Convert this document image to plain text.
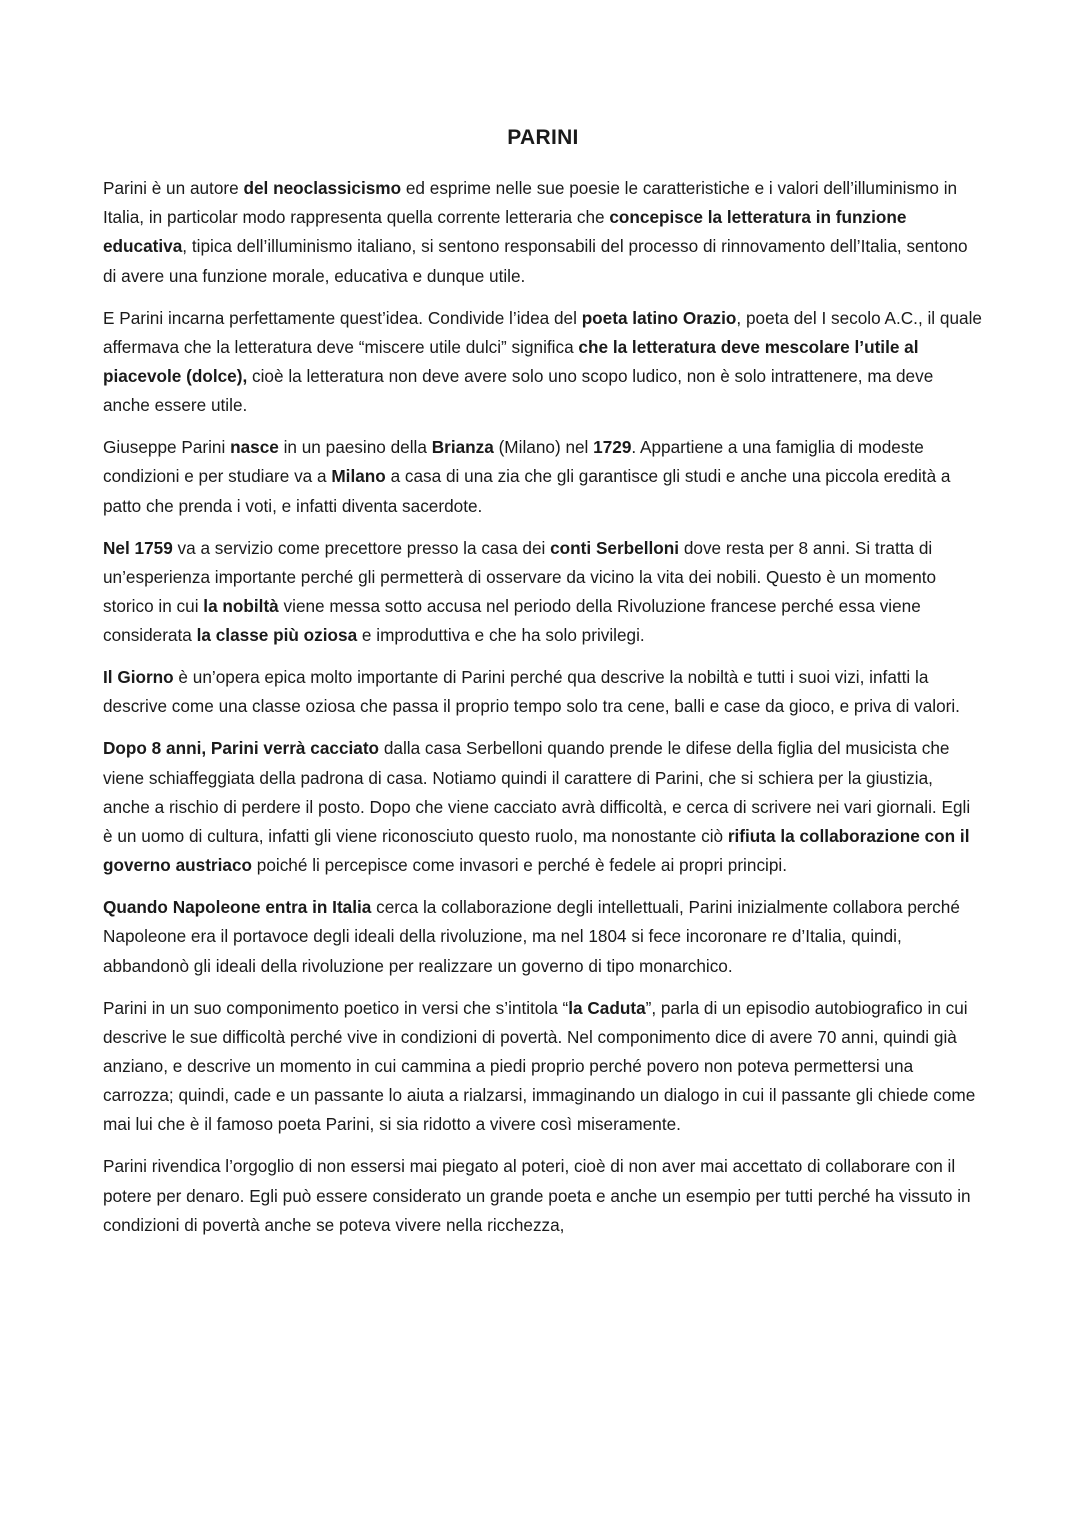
PARINI

Parini è un autore del neoclassicismo ed esprime nelle sue poesie le caratteristiche e i valori dell’illuminismo in Italia, in particolar modo rappresenta quella corrente letteraria che concepisce la letteratura in funzione educativa, tipica dell’illuminismo italiano, si sentono responsabili del processo di rinnovamento dell’Italia, sentono di avere una funzione morale, educativa e dunque utile.

E Parini incarna perfettamente quest’idea. Condivide l’idea del poeta latino Orazio, poeta del I secolo A.C., il quale affermava che la letteratura deve “miscere utile dulci” significa che la letteratura deve mescolare l’utile al piacevole (dolce), cioè la letteratura non deve avere solo uno scopo ludico, non è solo intrattenere, ma deve anche essere utile.

Giuseppe Parini nasce in un paesino della Brianza (Milano) nel 1729. Appartiene a una famiglia di modeste condizioni e per studiare va a Milano a casa di una zia che gli garantisce gli studi e anche una piccola eredità a patto che prenda i voti, e infatti diventa sacerdote.

Nel 1759 va a servizio come precettore presso la casa dei conti Serbelloni dove resta per 8 anni. Si tratta di un’esperienza importante perché gli permetterà di osservare da vicino la vita dei nobili. Questo è un momento storico in cui la nobiltà viene messa sotto accusa nel periodo della Rivoluzione francese perché essa viene considerata la classe più oziosa e improduttiva e che ha solo privilegi.

Il Giorno è un’opera epica molto importante di Parini perché qua descrive la nobiltà e tutti i suoi vizi, infatti la descrive come una classe oziosa che passa il proprio tempo solo tra cene, balli e case da gioco, e priva di valori.

Dopo 8 anni, Parini verrà cacciato dalla casa Serbelloni quando prende le difese della figlia del musicista che viene schiaffeggiata della padrona di casa. Notiamo quindi il carattere di Parini, che si schiera per la giustizia, anche a rischio di perdere il posto. Dopo che viene cacciato avrà difficoltà, e cerca di scrivere nei vari giornali. Egli è un uomo di cultura, infatti gli viene riconosciuto questo ruolo, ma nonostante ciò rifiuta la collaborazione con il governo austriaco poiché li percepisce come invasori e perché è fedele ai propri principi.

Quando Napoleone entra in Italia cerca la collaborazione degli intellettuali, Parini inizialmente collabora perché Napoleone era il portavoce degli ideali della rivoluzione, ma nel 1804 si fece incoronare re d’Italia, quindi, abbandonò gli ideali della rivoluzione per realizzare un governo di tipo monarchico.

Parini in un suo componimento poetico in versi che s’intitola “la Caduta”, parla di un episodio autobiografico in cui descrive le sue difficoltà perché vive in condizioni di povertà. Nel componimento dice di avere 70 anni, quindi già anziano, e descrive un momento in cui cammina a piedi proprio perché povero non poteva permettersi una carrozza; quindi, cade e un passante lo aiuta a rialzarsi, immaginando un dialogo in cui il passante gli chiede come mai lui che è il famoso poeta Parini, si sia ridotto a vivere così miseramente.

Parini rivendica l’orgoglio di non essersi mai piegato al poteri, cioè di non aver mai accettato di collaborare con il potere per denaro. Egli può essere considerato un grande poeta e anche un esempio per tutti perché ha vissuto in condizioni di povertà anche se poteva vivere nella ricchezza,
